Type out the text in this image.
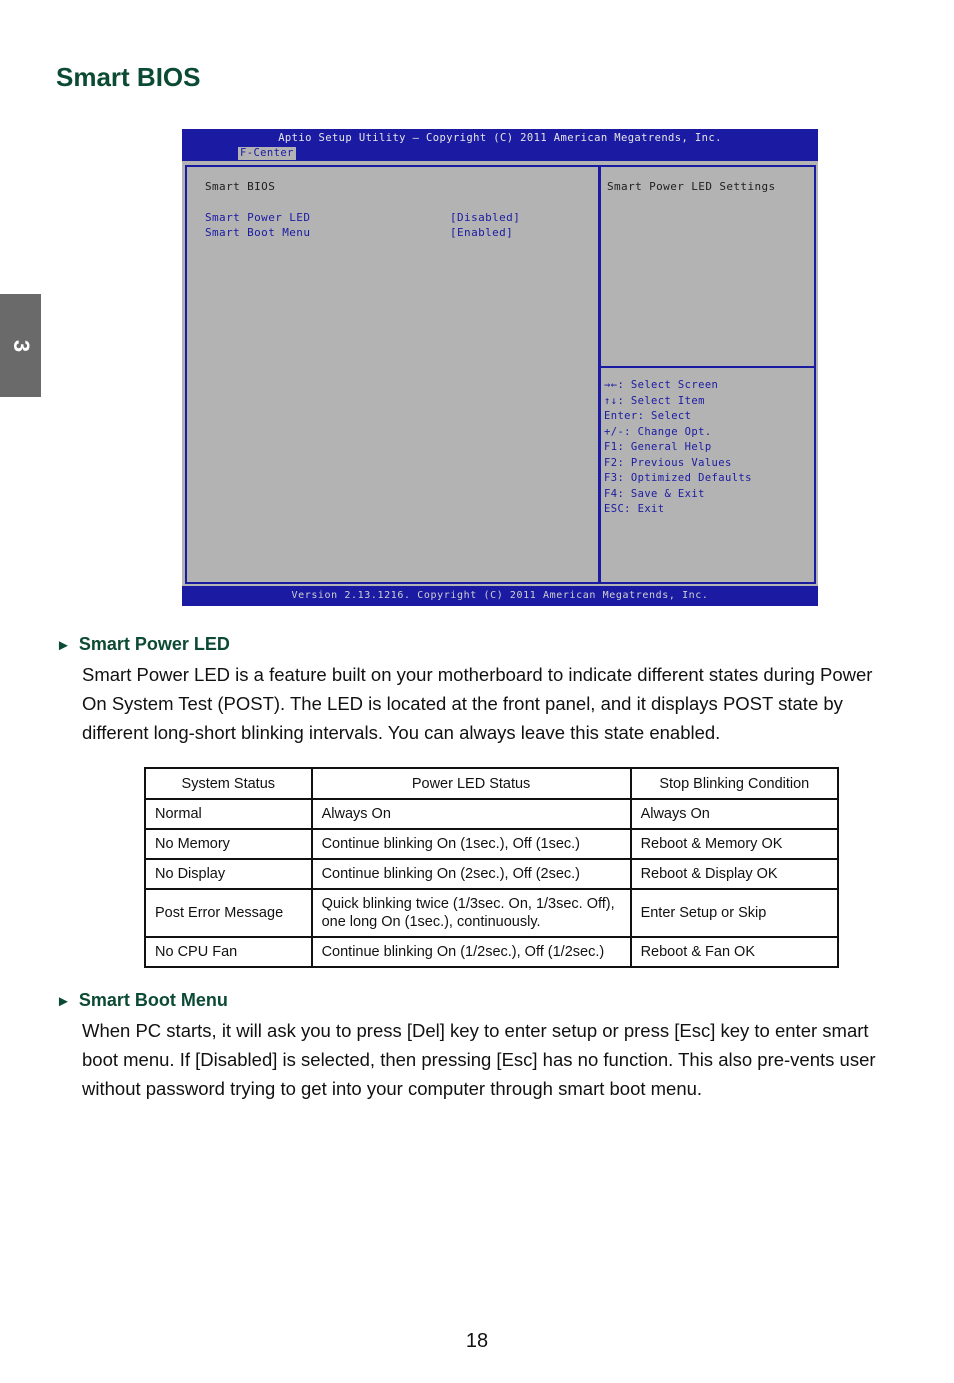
Smart BIOS
3
Aptio Setup Utility – Copyright (C) 2011 American Megatrends, Inc.
F-Center
Smart BIOS
Smart Power LED	[Disabled]
Smart Boot Menu	[Enabled]
Smart Power LED Settings
→←: Select Screen
↑↓: Select Item
Enter: Select
+/-: Change Opt.
F1: General Help
F2: Previous Values
F3: Optimized Defaults
F4: Save & Exit
ESC: Exit
Version 2.13.1216. Copyright (C) 2011 American Megatrends, Inc.
► Smart Power LED
Smart Power LED is a feature built on your motherboard to indicate different states during Power On System Test (POST). The LED is located at the front panel, and it displays POST state by different long-short blinking intervals. You can always leave this state enabled.
System Status	Power LED Status	Stop Blinking Condition
Normal	Always On	Always On
No Memory	Continue blinking On (1sec.), Off (1sec.)	Reboot & Memory OK
No Display	Continue blinking On (2sec.), Off (2sec.)	Reboot & Display OK
Post Error Message	Quick blinking twice (1/3sec. On, 1/3sec. Off), one long On (1sec.), continuously.	Enter Setup or Skip
No CPU Fan	Continue blinking On (1/2sec.), Off (1/2sec.)	Reboot & Fan OK
► Smart Boot Menu
When PC starts, it will ask you to press [Del] key to enter setup or press [Esc] key to enter smart boot menu. If [Disabled] is selected, then pressing [Esc] has no function. This also pre-vents user without password trying to get into your computer through smart boot menu.
18
